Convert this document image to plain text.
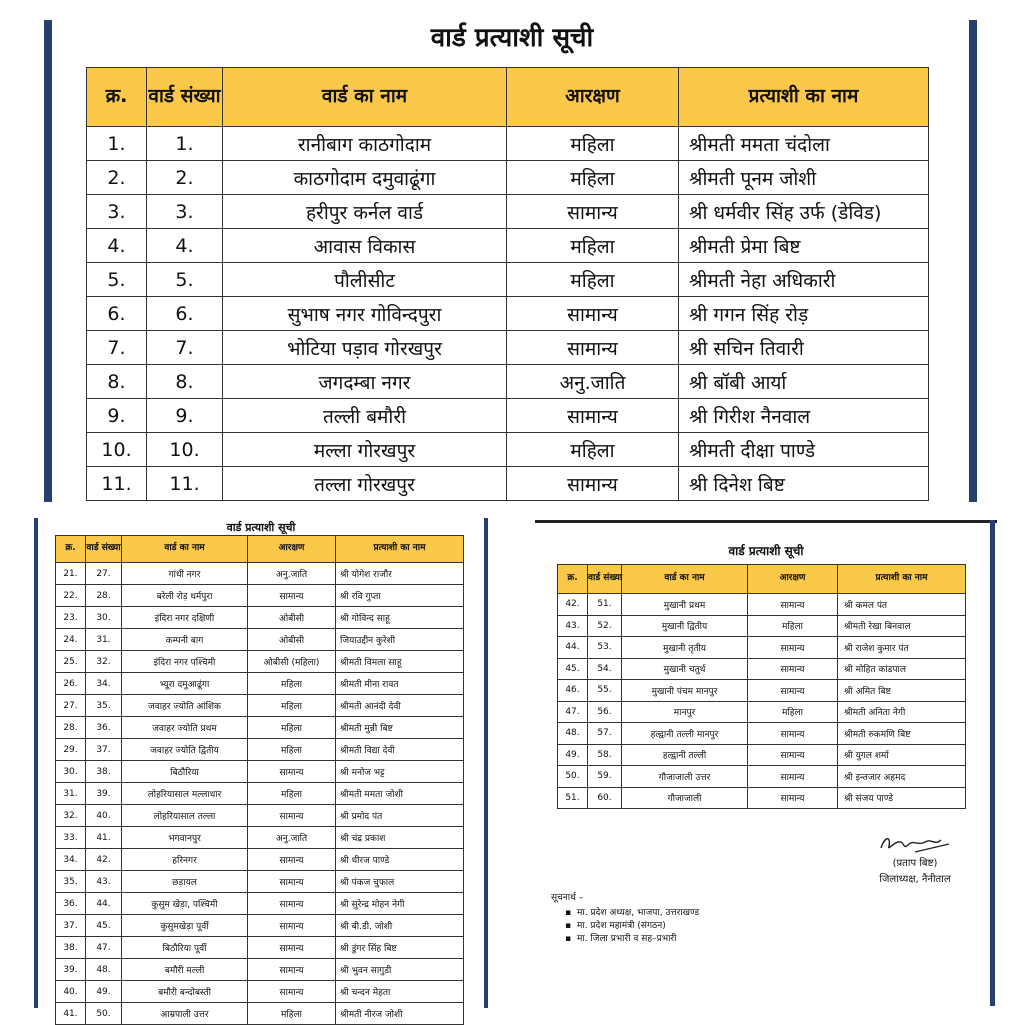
वार्ड प्रत्याशी सूची
क्र.	वार्ड संख्या	वार्ड का नाम	आरक्षण	प्रत्याशी का नाम
1.	1.	रानीबाग काठगोदाम	महिला	श्रीमती ममता चंदोला
2.	2.	काठगोदाम दमुवाढूंगा	महिला	श्रीमती पूनम जोशी
3.	3.	हरीपुर कर्नल वार्ड	सामान्य	श्री धर्मवीर सिंह उर्फ (डेविड)
4.	4.	आवास विकास	महिला	श्रीमती प्रेमा बिष्ट
5.	5.	पौलीसीट	महिला	श्रीमती नेहा अधिकारी
6.	6.	सुभाष नगर गोविन्दपुरा	सामान्य	श्री गगन सिंह रोड़
7.	7.	भोटिया पड़ाव गोरखपुर	सामान्य	श्री सचिन तिवारी
8.	8.	जगदम्बा नगर	अनु.जाति	श्री बॉबी आर्या
9.	9.	तल्ली बमौरी	सामान्य	श्री गिरीश नैनवाल
10.	10.	मल्ला गोरखपुर	महिला	श्रीमती दीक्षा पाण्डे
11.	11.	तल्ला गोरखपुर	सामान्य	श्री दिनेश बिष्ट
वार्ड प्रत्याशी सूची
क्र.	वार्ड संख्या	वार्ड का नाम	आरक्षण	प्रत्याशी का नाम
21.	27.	गांधी नगर	अनु.जाति	श्री योगेश राजौर
22.	28.	बरेली रोड़ धर्मपुरा	सामान्य	श्री रवि गुप्ता
23.	30.	इंदिरा नगर दक्षिणी	ओबीसी	श्री गोविन्द साहू
24.	31.	कम्पनी बाग	ओबीसी	जियाउद्दीन कुरेशी
25.	32.	इंदिरा नगर पश्चिमी	ओबीसी (महिला)	श्रीमती विमला साहू
26.	34.	भ्यूरा दमुआढूंगा	महिला	श्रीमती मीना रावत
27.	35.	जवाहर ज्योति आंशिक	महिला	श्रीमती आनंदी देवी
28.	36.	जवाहर ज्योति प्रथम	महिला	श्रीमती मुन्नी बिष्ट
29.	37.	जवाहर ज्योति द्वितीय	महिला	श्रीमती विद्या देवी
30.	38.	बिठौरिया	सामान्य	श्री मनोज भट्ट
31.	39.	लोहरियासाल मल्लाधार	महिला	श्रीमती ममता जोशी
32.	40.	लोहरियासाल तल्ला	सामान्य	श्री प्रमोद पंत
33.	41.	भगवानपुर	अनु.जाति	श्री चंद्र प्रकाश
34.	42.	हरिनगर	सामान्य	श्री धीरज पाण्डे
35.	43.	छड़ायल	सामान्य	श्री पंकज चुफाल
36.	44.	कुसुम खेड़ा, पश्चिमी	सामान्य	श्री सुरेन्द्र मोहन नेगी
37.	45.	कुसुमखेड़ा पूर्वी	सामान्य	श्री बी.डी. जोशी
38.	47.	बिठौरिया पूर्वी	सामान्य	श्री डुंगर सिंह बिष्ट
39.	48.	बमौरी मल्ली	सामान्य	श्री भुवन सागुडी
40.	49.	बमौरी बन्दोबस्ती	सामान्य	श्री चन्दन मेहता
41.	50.	आम्रपाली उत्तर	महिला	श्रीमती नीरज जोशी
वार्ड प्रत्याशी सूची
क्र.	वार्ड संख्या	वार्ड का नाम	आरक्षण	प्रत्याशी का नाम
42.	51.	मुखानी प्रथम	सामान्य	श्री कमल पंत
43.	52.	मुखानी द्वितीय	महिला	श्रीमती रेखा बिनवाल
44.	53.	मुखानी तृतीय	सामान्य	श्री राजेश कुमार पंत
45.	54.	मुखानी चतुर्थ	सामान्य	श्री मोहित कांडपाल
46.	55.	मुखानी पंचम मानपुर	सामान्य	श्री अमित बिष्ट
47.	56.	मानपुर	महिला	श्रीमती अनिता नेगी
48.	57.	हल्द्वानी तल्ली मानपुर	सामान्य	श्रीमती रुकमणि बिष्ट
49.	58.	हल्द्वानी तल्ली	सामान्य	श्री युगल शर्मा
50.	59.	गौजाजाली उत्तर	सामान्य	श्री इन्तजार अहमद
51.	60.	गौजाजाली	सामान्य	श्री संजय पाण्डे
(प्रताप बिष्ट)
जिलाध्यक्ष, नैनीताल
सूचनार्थ –
▪ मा. प्रदेश अध्यक्ष, भाजपा, उत्तराखण्ड
▪ मा. प्रदेश महामंत्री (संगठन)
▪ मा. जिला प्रभारी व सह–प्रभारी
